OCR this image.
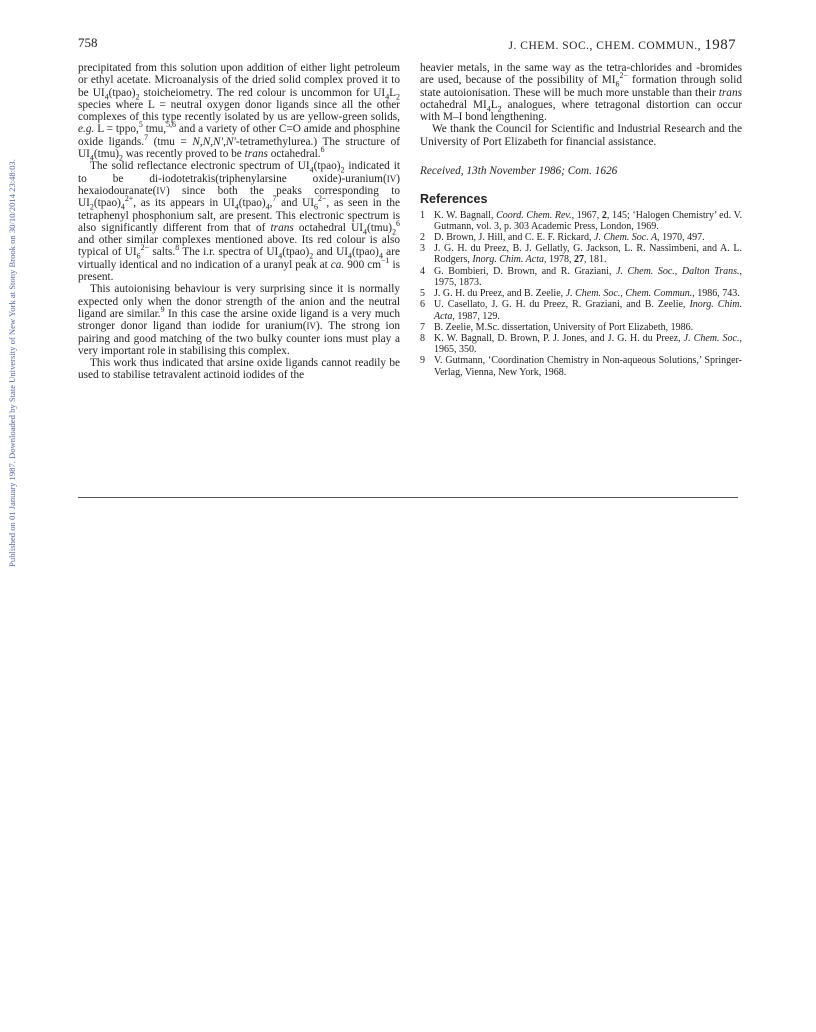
Published on 01 January 1987. Downloaded by State University of New York at Stony Brook on 30/10/2014 23:48:03.
758	J. CHEM. SOC., CHEM. COMMUN., 1987

precipitated from this solution upon addition of either light petroleum or ethyl acetate. Microanalysis of the dried solid complex proved it to be $UI_4(tpao)_2$ stoicheiometry. The red colour is uncommon for $UI_4L_2$ species where L = neutral oxygen donor ligands since all the other complexes of this type recently isolated by us are yellow-green solids, e.g. L = tppo,$^5$ tmu,$^{5,6}$ and a variety of other C=O amide and phosphine oxide ligands.$^7$ (tmu = N,N,N′,N′-tetramethylurea.) The structure of $UI_4(tmu)_2$ was recently proved to be trans octahedral.$^6$

The solid reflectance electronic spectrum of $UI_4(tpao)_2$ indicated it to be di-iodotetrakis(triphenylarsine oxide)-uranium(IV) hexaiodouranate(IV) since both the peaks corresponding to $UI_2(tpao)_4^{2+}$, as its appears in $UI_4(tpao)_4,^7$ and $UI_6^{2-}$, as seen in the tetraphenyl phosphonium salt, are present. This electronic spectrum is also significantly different from that of trans octahedral $UI_4(tmu)_2^6$ and other similar complexes mentioned above. Its red colour is also typical of $UI_6^{2-}$ salts.$^8$ The i.r. spectra of $UI_4(tpao)_2$ and $UI_4(tpao)_4$ are virtually identical and no indication of a uranyl peak at ca. 900 $cm^{-1}$ is present.

This autoionising behaviour is very surprising since it is normally expected only when the donor strength of the anion and the neutral ligand are similar.$^9$ In this case the arsine oxide ligand is a very much stronger donor ligand than iodide for uranium(IV). The strong ion pairing and good matching of the two bulky counter ions must play a very important role in stabilising this complex.

This work thus indicated that arsine oxide ligands cannot readily be used to stabilise tetravalent actinoid iodides of the

heavier metals, in the same way as the tetra-chlorides and -bromides are used, because of the possibility of $MI_6^{2-}$ formation through solid state autoionisation. These will be much more unstable than their trans octahedral $MI_4L_2$ analogues, where tetragonal distortion can occur with M–I bond lengthening.

We thank the Council for Scientific and Industrial Research and the University of Port Elizabeth for financial assistance.

Received, 13th November 1986; Com. 1626

References
1 K. W. Bagnall, Coord. Chem. Rev., 1967, 2, 145; ‘Halogen Chemistry’ ed. V. Gutmann, vol. 3, p. 303 Academic Press, London, 1969.
2 D. Brown, J. Hill, and C. E. F. Rickard, J. Chem. Soc. A, 1970, 497.
3 J. G. H. du Preez, B. J. Gellatly, G. Jackson, L. R. Nassimbeni, and A. L. Rodgers, Inorg. Chim. Acta, 1978, 27, 181.
4 G. Bombieri, D. Brown, and R. Graziani, J. Chem. Soc., Dalton Trans., 1975, 1873.
5 J. G. H. du Preez, and B. Zeelie, J. Chem. Soc., Chem. Commun., 1986, 743.
6 U. Casellato, J. G. H. du Preez, R. Graziani, and B. Zeelie, Inorg. Chim. Acta, 1987, 129.
7 B. Zeelie, M.Sc. dissertation, University of Port Elizabeth, 1986.
8 K. W. Bagnall, D. Brown, P. J. Jones, and J. G. H. du Preez, J. Chem. Soc., 1965, 350.
9 V. Gutmann, ‘Coordination Chemistry in Non-aqueous Solutions,’ Springer-Verlag, Vienna, New York, 1968.
